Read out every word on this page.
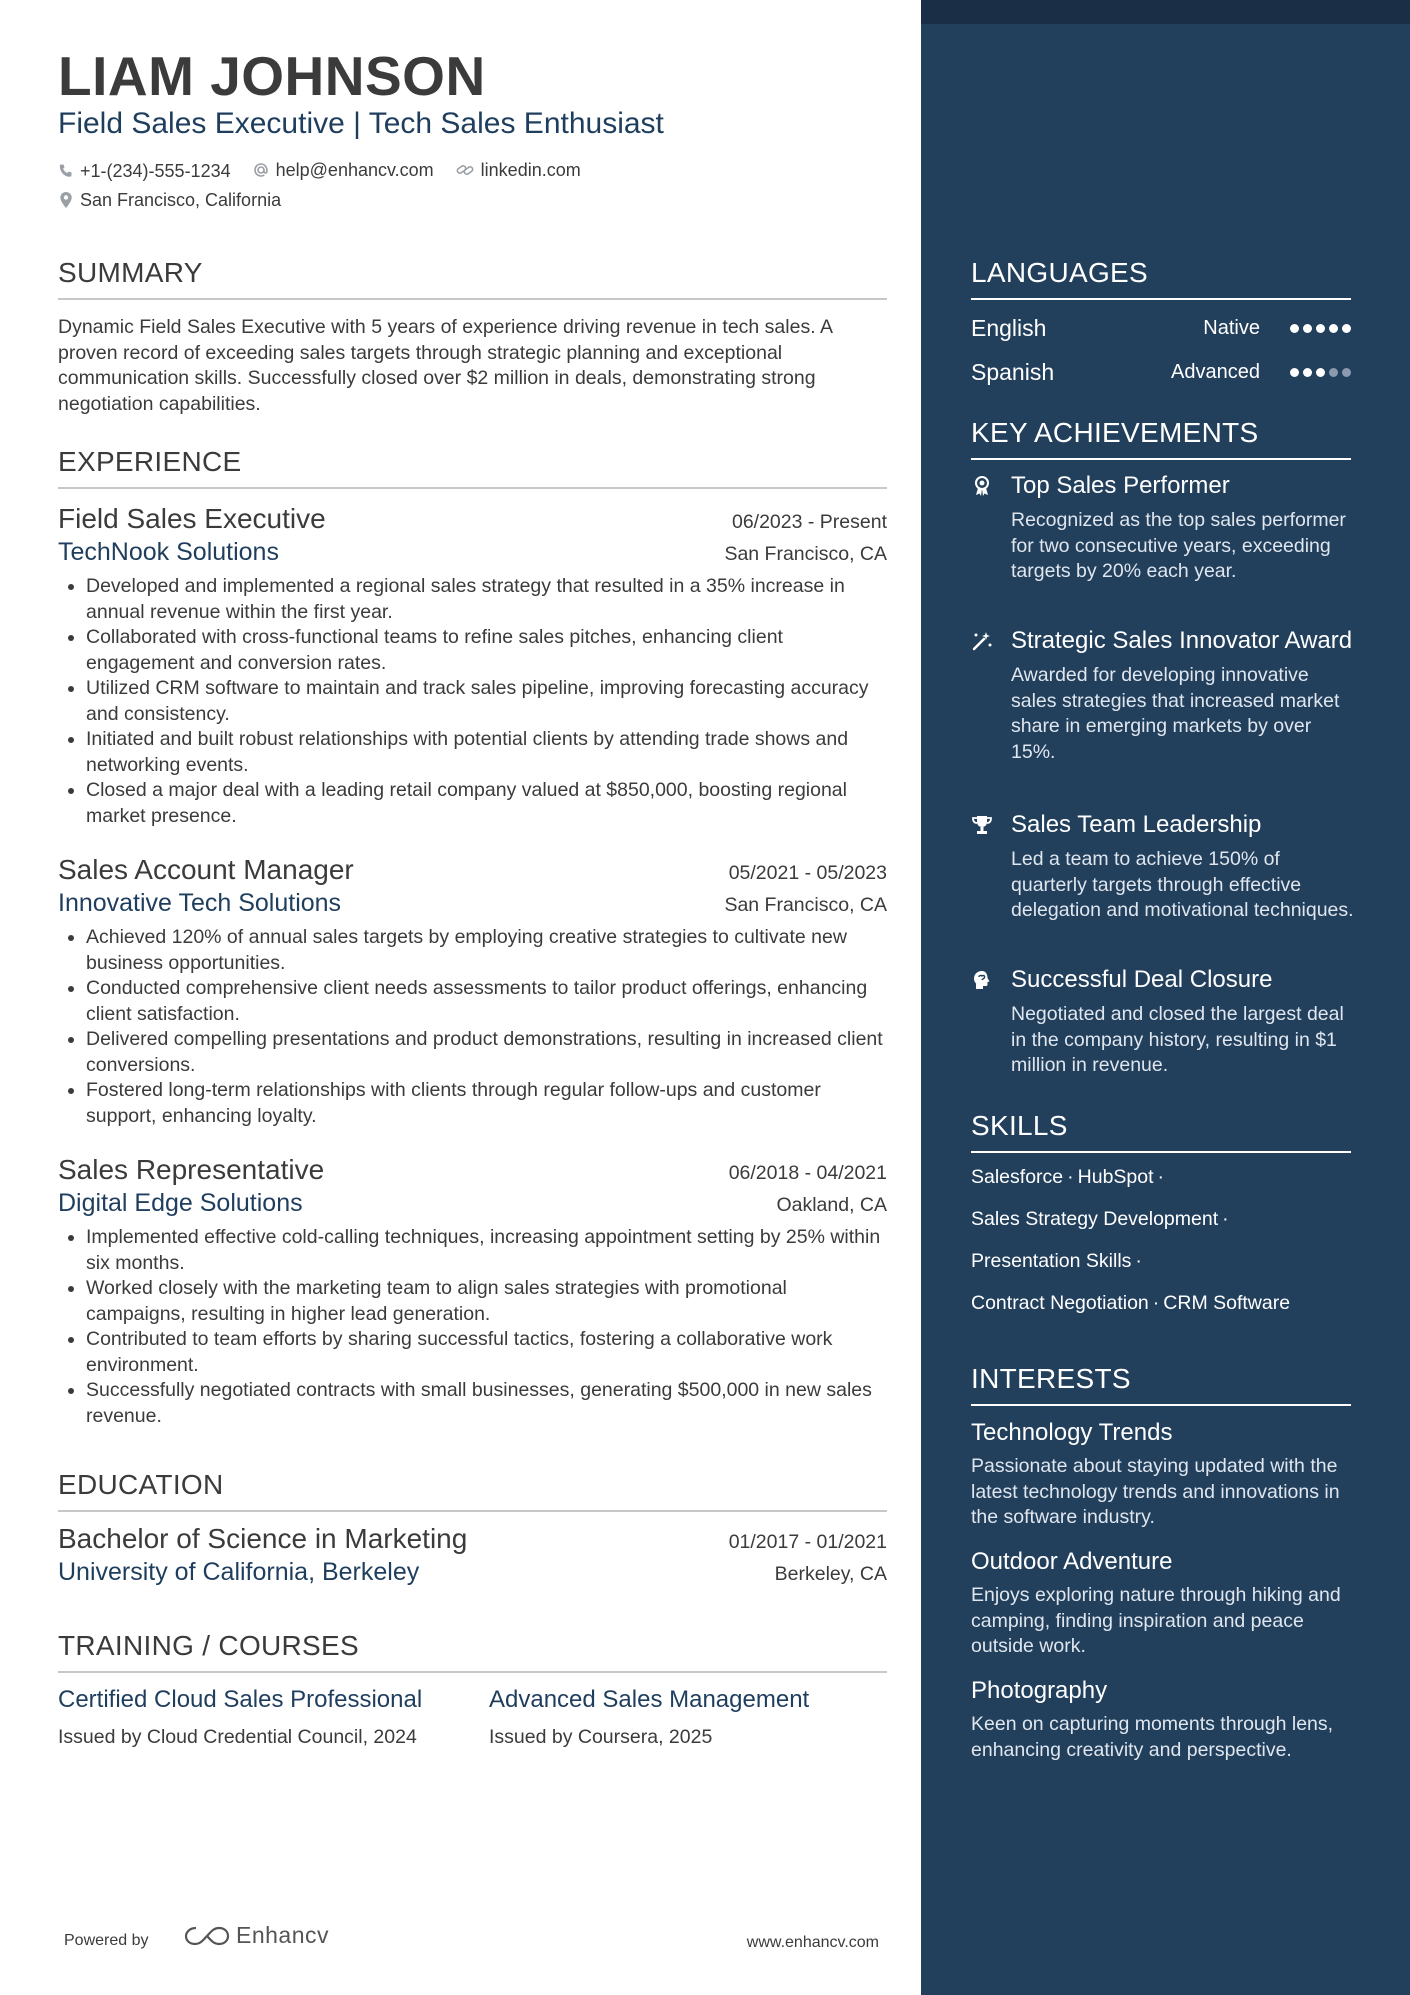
LIAM JOHNSON
Field Sales Executive | Tech Sales Enthusiast
+1-(234)-555-1234
	help@enhancv.com
	linkedin.com
San Francisco, California
SUMMARY

Dynamic Field Sales Executive with 5 years of experience driving revenue in tech sales. A proven record of exceeding sales targets through strategic planning and exceptional communication skills. Successfully closed over $2 million in deals, demonstrating strong negotiation capabilities.

EXPERIENCE
Field Sales Executive	06/2023 - Present
TechNook Solutions	San Francisco, CA
• Developed and implemented a regional sales strategy that resulted in a 35% increase in annual revenue within the first year.
• Collaborated with cross-functional teams to refine sales pitches, enhancing client engagement and conversion rates.
• Utilized CRM software to maintain and track sales pipeline, improving forecasting accuracy and consistency.
• Initiated and built robust relationships with potential clients by attending trade shows and networking events.
• Closed a major deal with a leading retail company valued at $850,000, boosting regional market presence.
Sales Account Manager	05/2021 - 05/2023
Innovative Tech Solutions	San Francisco, CA
• Achieved 120% of annual sales targets by employing creative strategies to cultivate new business opportunities.
• Conducted comprehensive client needs assessments to tailor product offerings, enhancing client satisfaction.
• Delivered compelling presentations and product demonstrations, resulting in increased client conversions.
• Fostered long-term relationships with clients through regular follow-ups and customer support, enhancing loyalty.
Sales Representative	06/2018 - 04/2021
Digital Edge Solutions	Oakland, CA
• Implemented effective cold-calling techniques, increasing appointment setting by 25% within six months.
• Worked closely with the marketing team to align sales strategies with promotional campaigns, resulting in higher lead generation.
• Contributed to team efforts by sharing successful tactics, fostering a collaborative work environment.
• Successfully negotiated contracts with small businesses, generating $500,000 in new sales revenue.
EDUCATION
Bachelor of Science in Marketing	01/2017 - 01/2021
University of California, Berkeley	Berkeley, CA
TRAINING / COURSES
Certified Cloud Sales Professional
Issued by Cloud Credential Council, 2024
Advanced Sales Management
Issued by Coursera, 2025
Powered by	Enhancv	www.enhancv.com
LANGUAGES
English	Native
Spanish	Advanced
KEY ACHIEVEMENTS
Top Sales Performer
Recognized as the top sales performer for two consecutive years, exceeding targets by 20% each year.
Strategic Sales Innovator Award
Awarded for developing innovative sales strategies that increased market share in emerging markets by over 15%.
Sales Team Leadership
Led a team to achieve 150% of quarterly targets through effective delegation and motivational techniques.
Successful Deal Closure
Negotiated and closed the largest deal in the company history, resulting in $1 million in revenue.
SKILLS
Salesforce · HubSpot ·
Sales Strategy Development ·
Presentation Skills ·
Contract Negotiation · CRM Software
INTERESTS
Technology Trends
Passionate about staying updated with the latest technology trends and innovations in the software industry.
Outdoor Adventure
Enjoys exploring nature through hiking and camping, finding inspiration and peace outside work.
Photography
Keen on capturing moments through lens, enhancing creativity and perspective.
